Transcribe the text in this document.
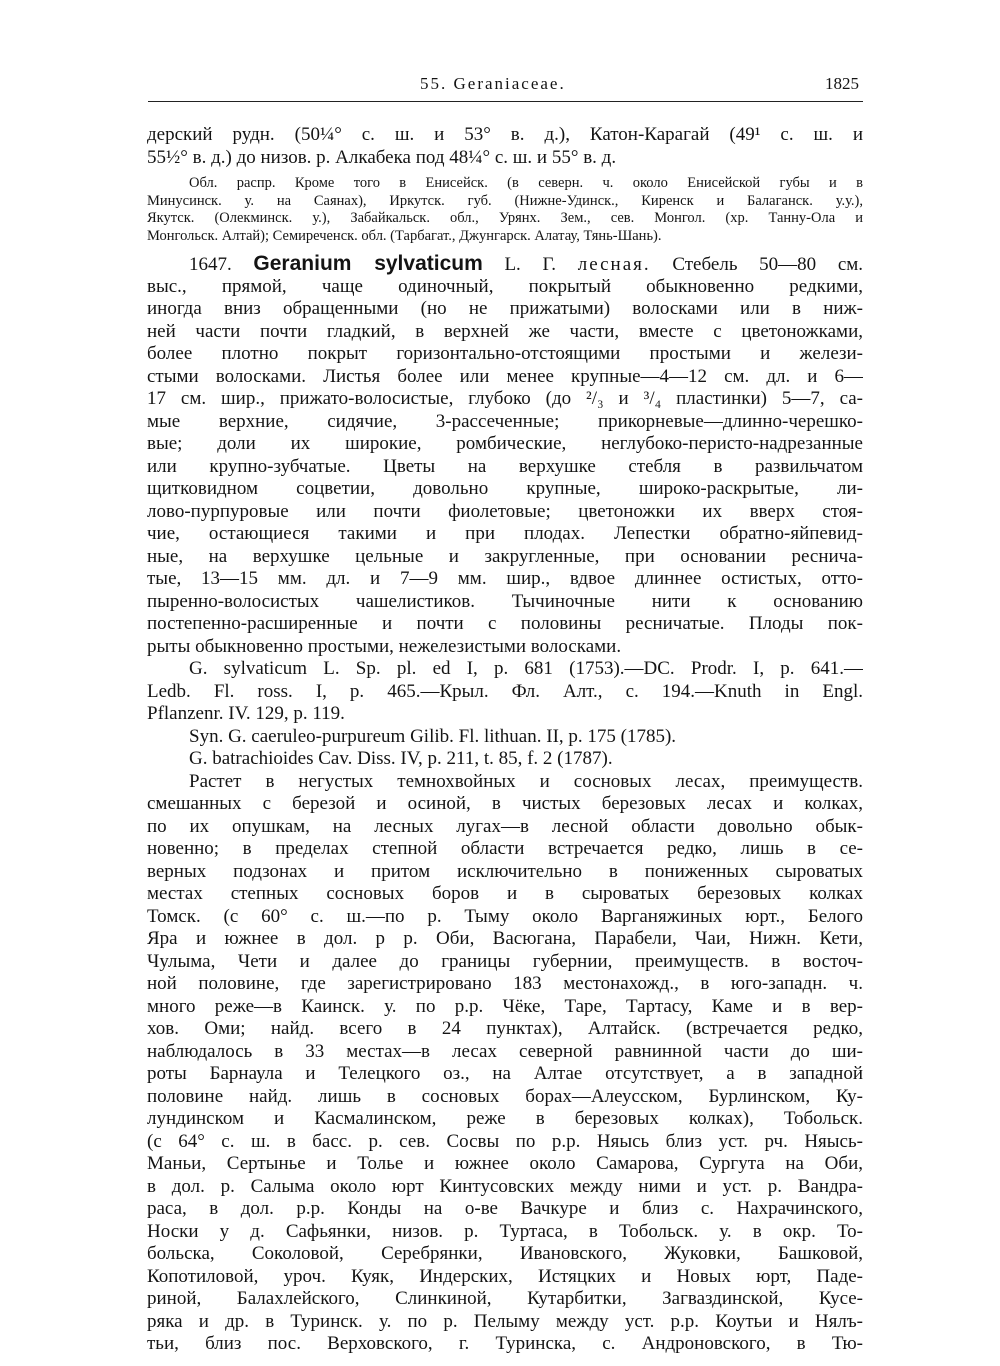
55. Geraniaceae.	1825
дерский рудн. (50¼° с. ш. и 53° в. д.), Катон-Карагай (49¹ с. ш. и
55½° в. д.) до низов. р. Алкабека под 48¼° с. ш. и 55° в. д.
Обл. распр. Кроме того в Енисейск. (в северн. ч. около Енисейской губы и в
Минусинск. у. на Саянах), Иркутск. губ. (Нижне-Удинск., Киренск и Балаганск. у.у.),
Якутск. (Олекминск. у.), Забайкальск. обл., Урянх. Зем., сев. Монгол. (хр. Танну-Ола и
Монгольск. Алтай); Семиреченск. обл. (Тарбагат., Джунгарск. Алатау, Тянь-Шань).
1647. Geranium sylvaticum L. Г. лесная. Стебель 50—80 см.
выс., прямой, чаще одиночный, покрытый обыкновенно редкими,
иногда вниз обращенными (но не прижатыми) волосками или в ниж-
ней части почти гладкий, в верхней же части, вместе с цветоножками,
более плотно покрыт горизонтально-отстоящими простыми и желези-
стыми волосками. Листья более или менее крупные—4—12 см. дл. и 6—
17 см. шир., прижато-волосистые, глубоко (до ²/₃ и ³/₄ пластинки) 5—7, са-
мые верхние, сидячие, 3-рассеченные; прикорневые—длинно-черешко-
вые; доли их широкие, ромбические, неглубоко-перисто-надрезанные
или крупно-зубчатые. Цветы на верхушке стебля в развильчатом
щитковидном соцветии, довольно крупные, широко-раскрытые, ли-
лово-пурпуровые или почти фиолетовые; цветоножки их вверх стоя-
чие, остающиеся такими и при плодах. Лепестки обратно-яйпевид-
ные, на верхушке цельные и закругленные, при основании реснича-
тые, 13—15 мм. дл. и 7—9 мм. шир., вдвое длиннее остистых, отто-
пыренно-волосистых чашелистиков. Тычиночные нити к основанию
постепенно-расширенные и почти с половины ресничатые. Плоды пок-
рыты обыкновенно простыми, нежелезистыми волосками.
G. sylvaticum L. Sp. pl. ed I, p. 681 (1753).—DC. Prodr. I, p. 641.—
Ledb. Fl. ross. I, p. 465.—Крыл. Фл. Алт., с. 194.—Knuth in Engl.
Pflanzenr. IV. 129, p. 119.
Syn. G. caeruleo-purpureum Gilib. Fl. lithuan. II, p. 175 (1785).
G. batrachioides Cav. Diss. IV, p. 211, t. 85, f. 2 (1787).
Растет в негустых темнохвойных и сосновых лесах, преимуществ.
смешанных с березой и осиной, в чистых березовых лесах и колках,
по их опушкам, на лесных лугах—в лесной области довольно обык-
новенно; в пределах степной области встречается редко, лишь в се-
верных подзонах и притом исключительно в пониженных сыроватых
местах степных сосновых боров и в сыроватых березовых колках
Томск. (с 60° с. ш.—по р. Тыму около Варганяжиных юрт., Белого
Яра и южнее в дол. р р. Оби, Васюгана, Парабели, Чаи, Нижн. Кети,
Чулыма, Чети и далее до границы губернии, преимуществ. в восточ-
ной половине, где зарегистрировано 183 местонахожд., в юго-западн. ч.
много реже—в Каинск. у. по р.р. Чёке, Таре, Тартасу, Каме и в вер-
хов. Оми; найд. всего в 24 пунктах), Алтайск. (встречается редко,
наблюдалось в 33 местах—в лесах северной равнинной части до ши-
роты Барнаула и Телецкого оз., на Алтае отсутствует, а в западной
половине найд. лишь в сосновых борах—Алеусском, Бурлинском, Ку-
лундинском и Касмалинском, реже в березовых колках), Тобольск.
(с 64° с. ш. в басс. р. сев. Сосвы по р.р. Няысь близ уст. рч. Няысь-
Маньи, Сертынье и Толье и южнее около Самарова, Сургута на Оби,
в дол. р. Салыма около юрт Кинтусовских между ними и уст. р. Вандра-
раса, в дол. р.р. Конды на о-ве Вачкуре и близ с. Нахрачинского,
Носки у д. Сафьянки, низов. р. Туртаса, в Тобольск. у. в окр. То-
больска, Соколовой, Серебрянки, Ивановского, Жуковки, Башковой,
Копотиловой, уроч. Куяк, Индерских, Истяцких и Новых юрт, Паде-
риной, Балахлейского, Слинкиной, Кутарбитки, Загваздинской, Кусе-
ряка и др. в Туринск. у. по р. Пелыму между уст. р.р. Коутьи и Нялъ-
тьи, близ пос. Верховского, г. Туринска, с. Андроновского, в Тю-
